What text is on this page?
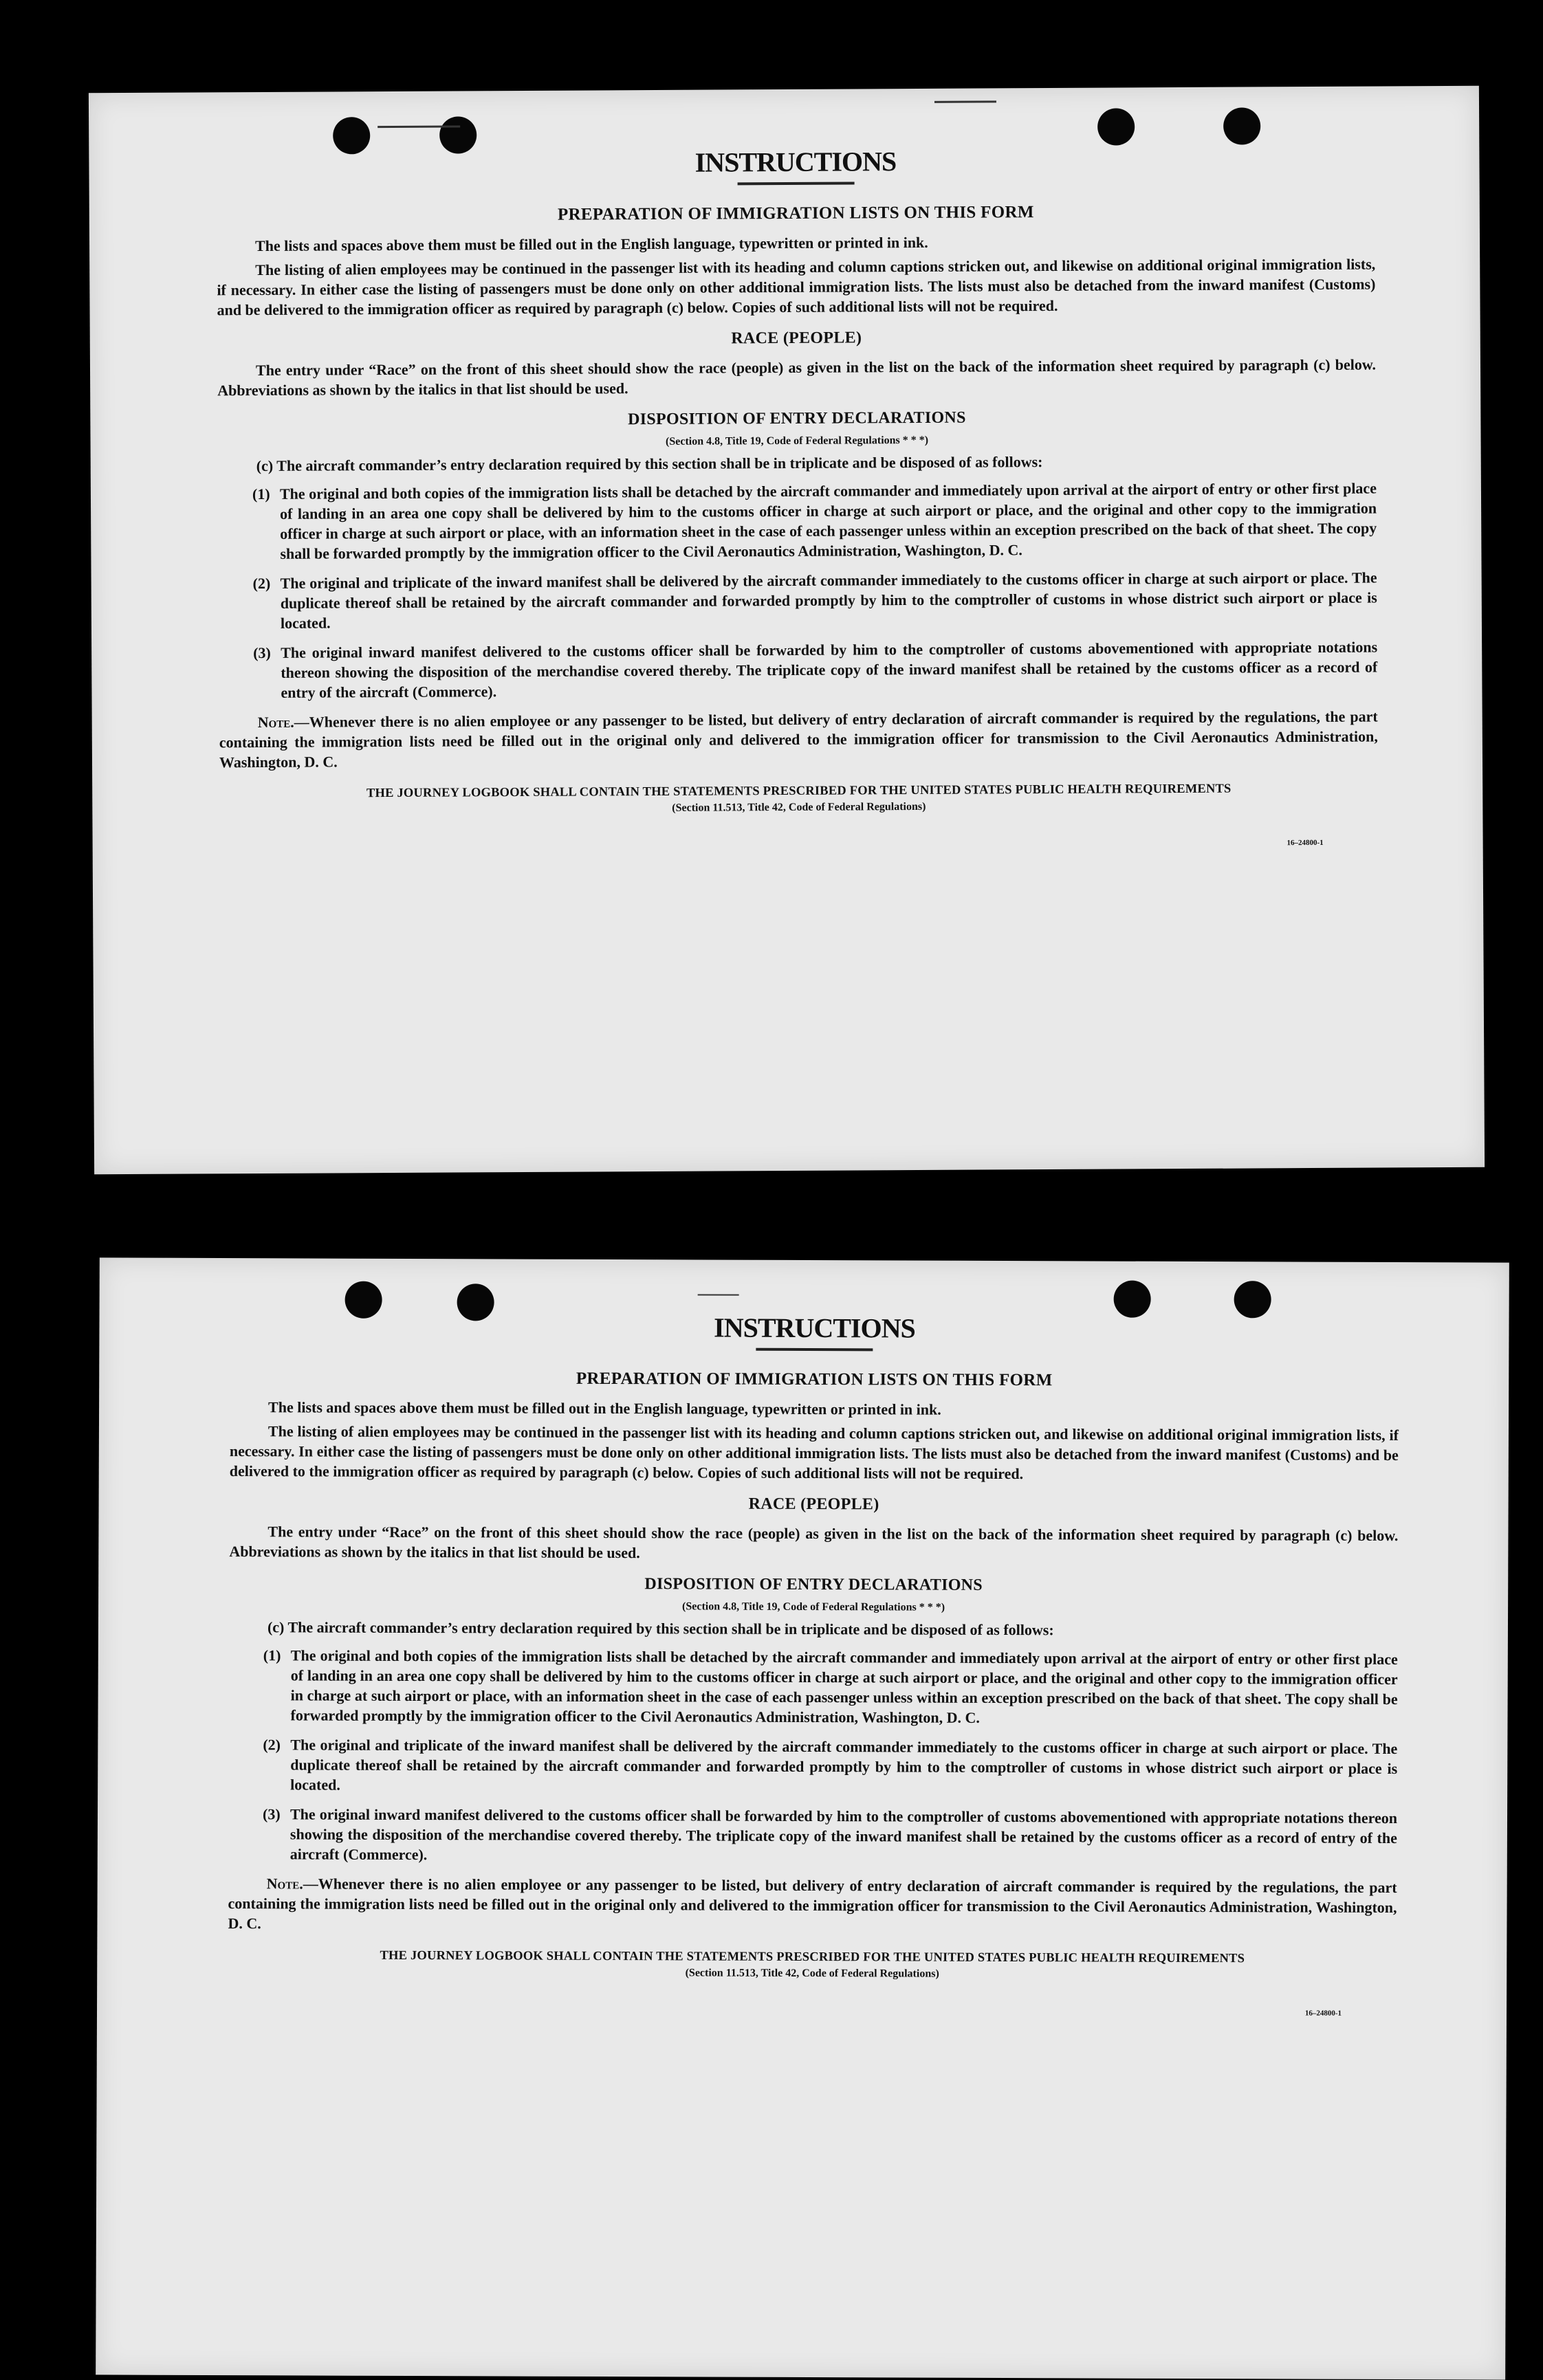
INSTRUCTIONS
PREPARATION OF IMMIGRATION LISTS ON THIS FORM

The lists and spaces above them must be filled out in the English language, typewritten or printed in ink.

The listing of alien employees may be continued in the passenger list with its heading and column captions stricken out, and likewise on additional original immigration lists, if necessary. In either case the listing of passengers must be done only on other additional immigration lists. The lists must also be detached from the inward manifest (Customs) and be delivered to the immigration officer as required by paragraph (c) below. Copies of such additional lists will not be required.

RACE (PEOPLE)

The entry under “Race” on the front of this sheet should show the race (people) as given in the list on the back of the information sheet required by paragraph (c) below. Abbreviations as shown by the italics in that list should be used.

DISPOSITION OF ENTRY DECLARATIONS
(Section 4.8, Title 19, Code of Federal Regulations * * *)

(c) The aircraft commander’s entry declaration required by this section shall be in triplicate and be disposed of as follows:

(1) The original and both copies of the immigration lists shall be detached by the aircraft commander and immediately upon arrival at the airport of entry or other first place of landing in an area one copy shall be delivered by him to the customs officer in charge at such airport or place, and the original and other copy to the immigration officer in charge at such airport or place, with an information sheet in the case of each passenger unless within an exception prescribed on the back of that sheet. The copy shall be forwarded promptly by the immigration officer to the Civil Aeronautics Administration, Washington, D. C.
(2) The original and triplicate of the inward manifest shall be delivered by the aircraft commander immediately to the customs officer in charge at such airport or place. The duplicate thereof shall be retained by the aircraft commander and forwarded promptly by him to the comptroller of customs in whose district such airport or place is located.
(3) The original inward manifest delivered to the customs officer shall be forwarded by him to the comptroller of customs abovementioned with appropriate notations thereon showing the disposition of the merchandise covered thereby. The triplicate copy of the inward manifest shall be retained by the customs officer as a record of entry of the aircraft (Commerce).

Note.—Whenever there is no alien employee or any passenger to be listed, but delivery of entry declaration of aircraft commander is required by the regulations, the part containing the immigration lists need be filled out in the original only and delivered to the immigration officer for transmission to the Civil Aeronautics Administration, Washington, D. C.

THE JOURNEY LOGBOOK SHALL CONTAIN THE STATEMENTS PRESCRIBED FOR THE UNITED STATES PUBLIC HEALTH REQUIREMENTS
(Section 11.513, Title 42, Code of Federal Regulations)
16–24800-1
INSTRUCTIONS
PREPARATION OF IMMIGRATION LISTS ON THIS FORM

The lists and spaces above them must be filled out in the English language, typewritten or printed in ink.

The listing of alien employees may be continued in the passenger list with its heading and column captions stricken out, and likewise on additional original immigration lists, if necessary. In either case the listing of passengers must be done only on other additional immigration lists. The lists must also be detached from the inward manifest (Customs) and be delivered to the immigration officer as required by paragraph (c) below. Copies of such additional lists will not be required.

RACE (PEOPLE)

The entry under “Race” on the front of this sheet should show the race (people) as given in the list on the back of the information sheet required by paragraph (c) below. Abbreviations as shown by the italics in that list should be used.

DISPOSITION OF ENTRY DECLARATIONS
(Section 4.8, Title 19, Code of Federal Regulations * * *)

(c) The aircraft commander’s entry declaration required by this section shall be in triplicate and be disposed of as follows:

(1) The original and both copies of the immigration lists shall be detached by the aircraft commander and immediately upon arrival at the airport of entry or other first place of landing in an area one copy shall be delivered by him to the customs officer in charge at such airport or place, and the original and other copy to the immigration officer in charge at such airport or place, with an information sheet in the case of each passenger unless within an exception prescribed on the back of that sheet. The copy shall be forwarded promptly by the immigration officer to the Civil Aeronautics Administration, Washington, D. C.
(2) The original and triplicate of the inward manifest shall be delivered by the aircraft commander immediately to the customs officer in charge at such airport or place. The duplicate thereof shall be retained by the aircraft commander and forwarded promptly by him to the comptroller of customs in whose district such airport or place is located.
(3) The original inward manifest delivered to the customs officer shall be forwarded by him to the comptroller of customs abovementioned with appropriate notations thereon showing the disposition of the merchandise covered thereby. The triplicate copy of the inward manifest shall be retained by the customs officer as a record of entry of the aircraft (Commerce).

Note.—Whenever there is no alien employee or any passenger to be listed, but delivery of entry declaration of aircraft commander is required by the regulations, the part containing the immigration lists need be filled out in the original only and delivered to the immigration officer for transmission to the Civil Aeronautics Administration, Washington, D. C.

THE JOURNEY LOGBOOK SHALL CONTAIN THE STATEMENTS PRESCRIBED FOR THE UNITED STATES PUBLIC HEALTH REQUIREMENTS
(Section 11.513, Title 42, Code of Federal Regulations)
16–24800-1
